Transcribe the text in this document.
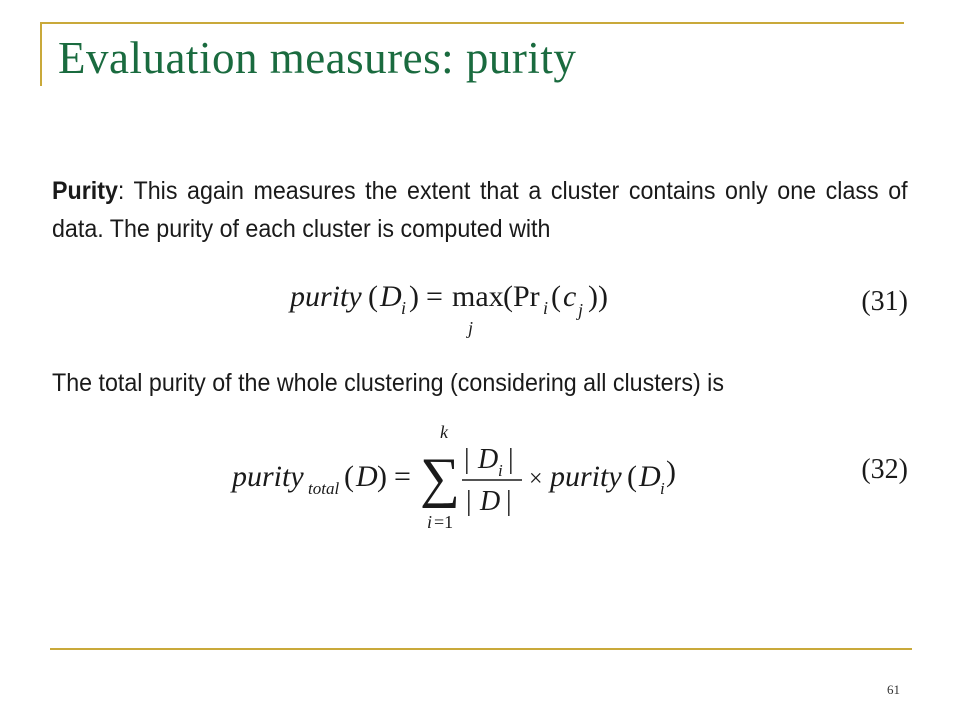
Evaluation measures: purity
Purity: This again measures the extent that a cluster contains only one class of data. The purity of each cluster is computed with
purity ( D i ) = max
j
(Pr i ( c j ))	(31)
The total purity of the whole clustering (considering all clusters) is
purity total ( D ) =
k
∑
i =1
| D i |
| D |
× purity ( D i
)	(32)
61
